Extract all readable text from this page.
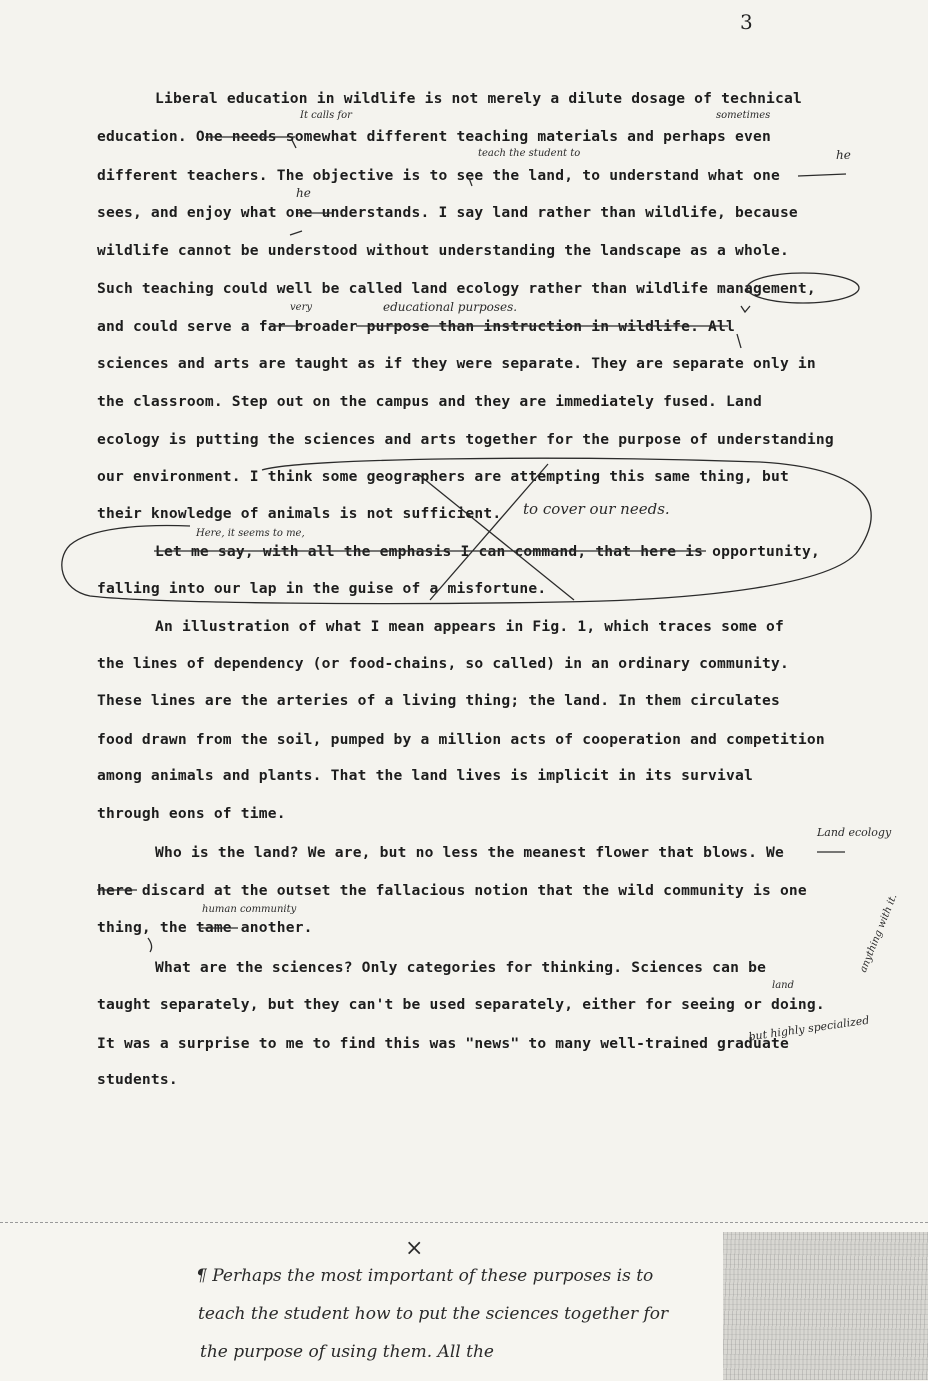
3
Liberal education in wildlife is not merely a dilute dosage of technical
education. One needs somewhat different teaching materials and perhaps even
different teachers. The objective is to see the land, to understand what one
sees, and enjoy what one understands. I say land rather than wildlife, because
wildlife cannot be understood without understanding the landscape as a whole.
Such teaching could well be called land ecology rather than wildlife management,
and could serve a far broader purpose than instruction in wildlife. All
sciences and arts are taught as if they were separate. They are separate only in
the classroom. Step out on the campus and they are immediately fused. Land
ecology is putting the sciences and arts together for the purpose of understanding
our environment. I think some geographers are attempting this same thing, but
their knowledge of animals is not sufficient.
Let me say, with all the emphasis I can command, that here is opportunity,
falling into our lap in the guise of a misfortune.
An illustration of what I mean appears in Fig. 1, which traces some of
the lines of dependency (or food-chains, so called) in an ordinary community.
These lines are the arteries of a living thing; the land. In them circulates
food drawn from the soil, pumped by a million acts of cooperation and competition
among animals and plants. That the land lives is implicit in its survival
through eons of time.
Who is the land? We are, but no less the meanest flower that blows. We
here discard at the outset the fallacious notion that the wild community is one
thing, the tame another.
What are the sciences? Only categories for thinking. Sciences can be
taught separately, but they can't be used separately, either for seeing or doing.
It was a surprise to me to find this was "news" to many well-trained graduate
students.
It calls for	sometimes
teach the student to	he
he
very	educational purposes.
to cover our needs.
Here, it seems to me,
Land ecology
human community
land
anything with it.
but highly specialized
×
¶ Perhaps the most important of these purposes is to
teach the student how to put the sciences together for
the purpose of using them. All the
